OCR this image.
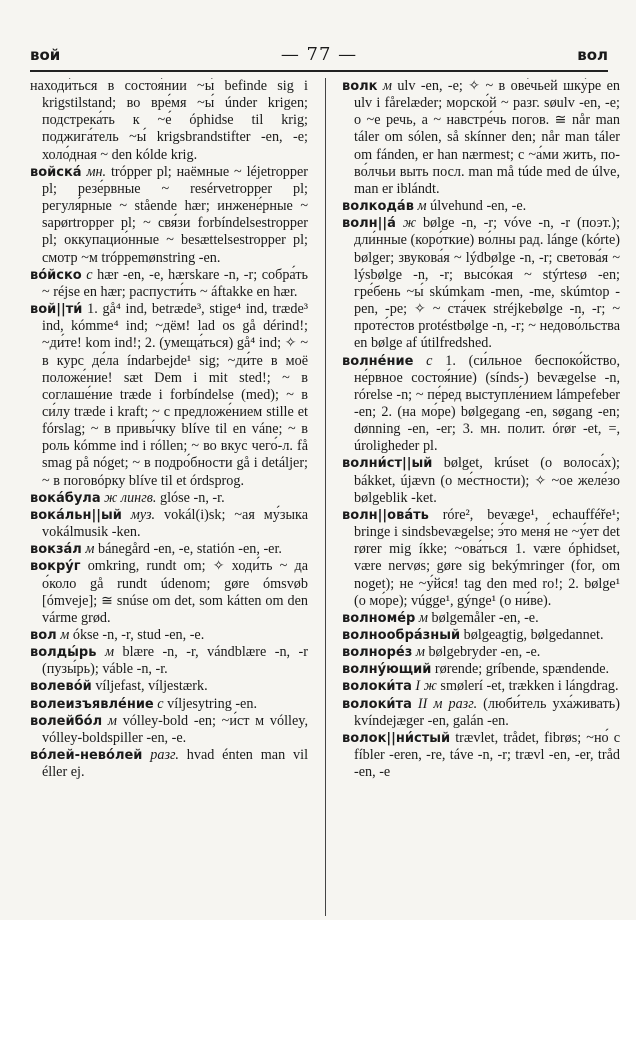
вой	— 77 —	вол

находи́ться в состоя́нии ~ы́ befinde sig i krigstilstand; во вре́мя ~ы́ únder krigen; подстрека́ть к ~е́ óphidse til krig; поджига́тель ~ы́ krigsbrandstifter -en, -e; холо́дная ~ den kólde krig.

войска́ мн. trópper pl; наёмные ~ léjetropper pl; резе́рвные ~ resérvetropper pl; регуля́рные ~ stående hær; инжене́рные ~ sapørtropper pl; ~ свя́зи forbíndelsestropper pl; оккупацио́нные ~ besættelsestropper pl; смотр ~м tróppemønstring -en.

во́йско с hær -en, -e, hærskare -n, -r; собра́ть ~ réjse en hær; распусти́ть ~ áftakke en hær.

вой||ти́ 1. gå⁴ ind, betræde³, stige⁴ ind, træde³ ind, kómme⁴ ind; ~дём! lad os gå dérind!; ~ди́те! kom ind!; 2. (умеща́ться) gå⁴ ind; ✧ ~ в курс де́ла índarbejde¹ sig; ~ди́те в моё положе́ние! sæt Dem i mit sted!; ~ в соглаше́ние træde i forbíndelse (med); ~ в си́лу træde i kraft; ~ с предложе́нием stille et fórslag; ~ в привы́чку blíve til en váne; ~ в роль kómme ind i róllen; ~ во вкус чего́-л. få smag på nóget; ~ в подро́бности gå i detáljer; ~ в поговóрку blíve til et órdsprog.

вока́була ж лингв. glóse -n, -r.

вока́льн||ый муз. vokál(i)sk; ~ая му́зыка vokálmusik -ken.

вокза́л м bánegård -en, -e, statión -en, -er.

вокру́г omkring, rundt om; ✧ ходи́ть ~ да о́коло gå rundt údenom; gøre ómsvøb [ómveje]; ≅ snúse om det, som kátten om den várme grød.

вол м ókse -n, -r, stud -en, -e.

волды́рь м blære -n, -r, vándblære -n, -r (пузы́рь); váble -n, -r.

волево́й víljefast, víljestærk.

волеизъявле́ние с víljesytring -en.

волейбо́л м vólley-bold -en; ~и́ст м vólley, vólley-boldspiller -en, -e.

во́лей-нево́лей разг. hvad énten man vil éller ej.

волк м ulv -en, -e; ✧ ~ в ове́чьей шку́ре en ulv i fårelæder; морско́й ~ разг. søulv -en, -e; о ~е речь, а ~ навстре́чь погов. ≅ når man táler om sólen, så skínner den; når man táler om fánden, er han nærmest; с ~а́ми жить, по-во́лчьи выть посл. man må túde med de úlve, man er iblándt.

волкода́в м úlvehund -en, -e.

волн||а́ ж bølge -n, -r; vóve -n, -r (поэт.); дли́нные (коро́ткие) во́лны рад. lánge (kórte) bølger; звукова́я ~ lýdbølge -n, -r; светова́я ~ lýsbølge -n, -r; высо́кая ~ stýrtesø -en; гре́бень ~ы́ skúmkam -men, -me, skúmtop -pen, -pe; ✧ ~ ста́чек stréjkebølge -n, -r; ~ проте́стов protéstbølge -n, -r; ~ недово́льства en bølge af útilfredshed.

волне́ние с 1. (си́льное беспоко́йство, не́рвное состоя́ние) (sínds-) bevægelse -n, rórelse -n; ~ пе́ред выступле́нием lámpefeber -en; 2. (на мо́ре) bølgegang -en, søgang -en; dønning -en, -er; 3. мн. полит. órør -et, =, úroligheder pl.

волни́ст||ый bølget, krúset (о волоса́х); bákket, újævn (о ме́стности); ✧ ~ое желе́зо bølgeblik -ket.

волн||ова́ть róre², bevæge¹, echaufféře¹; bringe i sindsbevægelse; э́то меня́ не ~у́ет det rører mig íkke; ~ова́ться 1. være óphidset, være nervøs; gøre sig bekýmringer (for, om noget); не ~у́йся! tag den med ro!; 2. bølge¹ (о мо́ре); vúgge¹, gýnge¹ (о ни́ве).

волноме́р м bølgemåler -en, -e.

волнообра́зный bølgeagtig, bølgedannet.

волноре́з м bølgebryder -en, -e.

волну́ющий rørende; gríbende, spændende.

волоки́та I ж smølerí -et, trækken i lángdrag.

волоки́та II м разг. (люби́тель уха́живать) kvíndejæger -en, galán -en.

волок||ни́стый trævlet, trådet, fibrøs; ~но́ с fíbler -eren, -re, táve -n, -r; trævl -en, -er, tråd -en, -e
